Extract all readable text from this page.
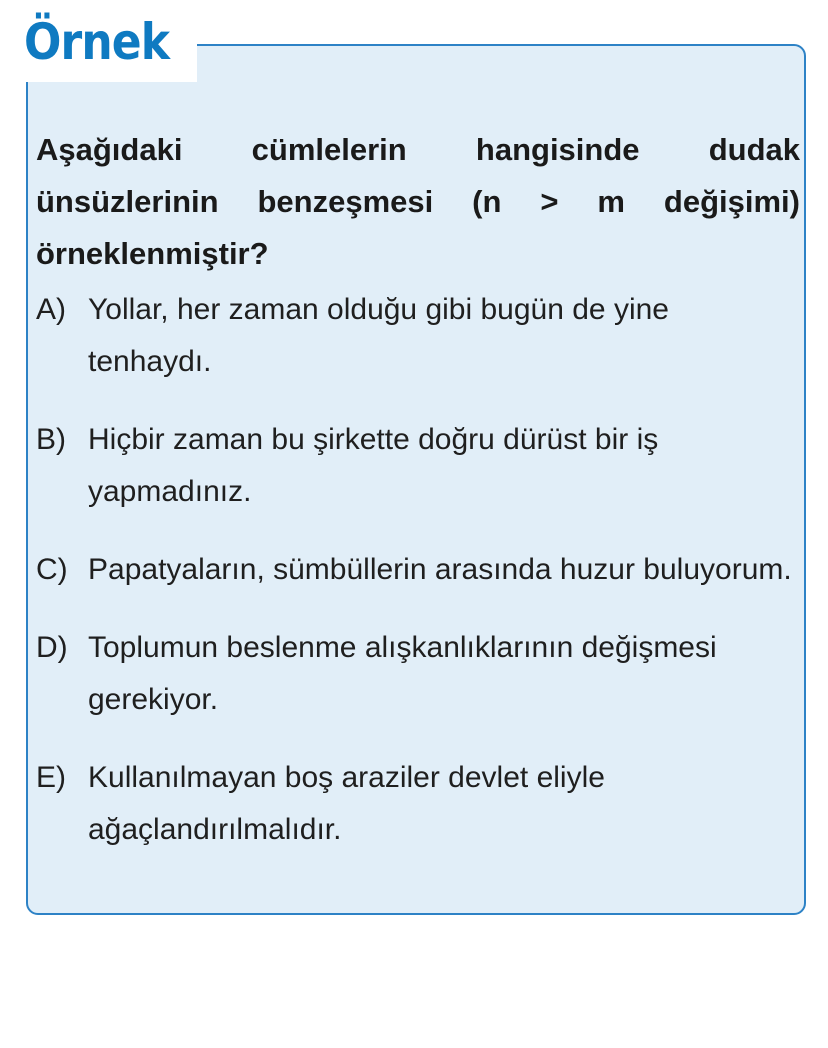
Örnek

Aşağıdaki cümlelerin hangisinde dudak ünsüzlerinin benzeşmesi (n > m değişimi) örneklenmiştir?

A) Yollar, her zaman olduğu gibi bugün de yine tenhaydı.
B) Hiçbir zaman bu şirkette doğru dürüst bir iş yapmadınız.
C) Papatyaların, sümbüllerin arasında huzur buluyorum.
D) Toplumun beslenme alışkanlıklarının değişmesi gerekiyor.
E) Kullanılmayan boş araziler devlet eliyle ağaçlandırılmalıdır.
